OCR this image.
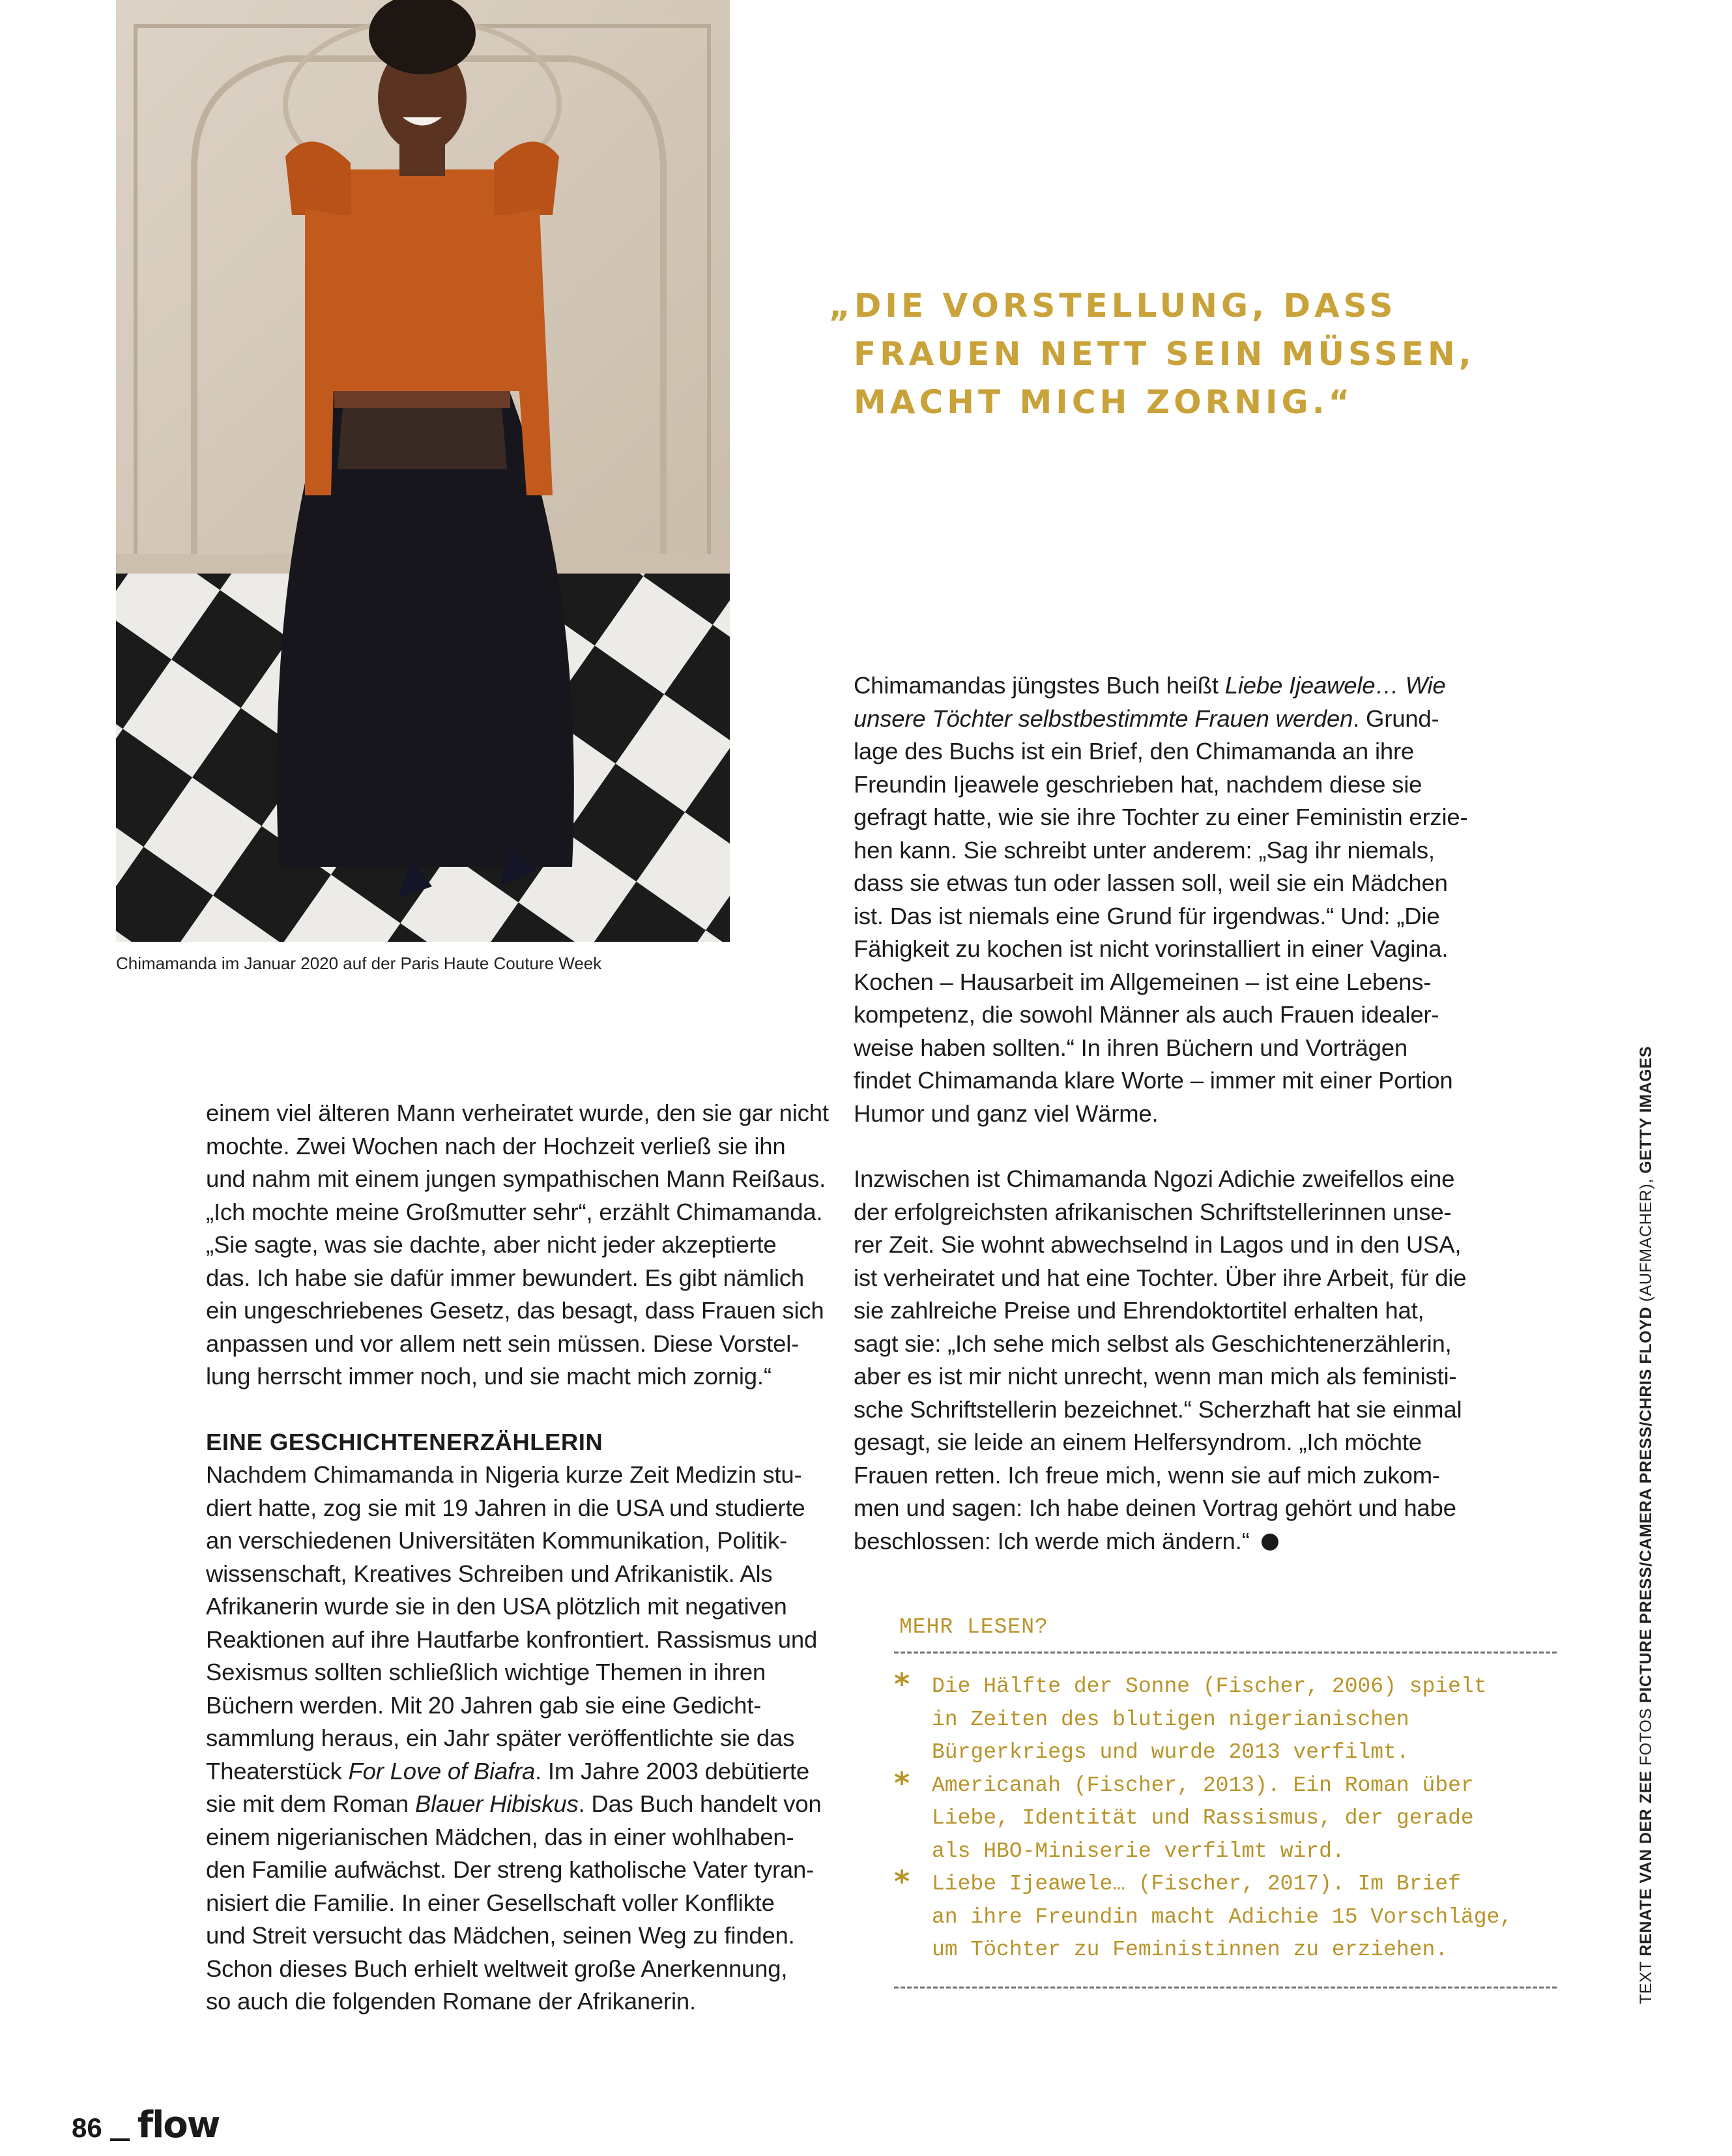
Chimamanda im Januar 2020 auf der Paris Haute Couture Week
„DIE VORSTELLUNG, DASS
FRAUEN NETT SEIN MÜSSEN,
MACHT MICH ZORNIG.“
Chimamandas jüngstes Buch heißt Liebe Ijeawele… Wie
unsere Töchter selbstbestimmte Frauen werden. Grund-
lage des Buchs ist ein Brief, den Chimamanda an ihre
Freundin Ijeawele geschrieben hat, nachdem diese sie
gefragt hatte, wie sie ihre Tochter zu einer Feministin erzie-
hen kann. Sie schreibt unter anderem: „Sag ihr niemals,
dass sie etwas tun oder lassen soll, weil sie ein Mädchen
ist. Das ist niemals eine Grund für irgendwas.“ Und: „Die
Fähigkeit zu kochen ist nicht vorinstalliert in einer Vagina.
Kochen – Hausarbeit im Allgemeinen – ist eine Lebens-
kompetenz, die sowohl Männer als auch Frauen idealer-
weise haben sollten.“ In ihren Büchern und Vorträgen
findet Chimamanda klare Worte – immer mit einer Portion
Humor und ganz viel Wärme.
Inzwischen ist Chimamanda Ngozi Adichie zweifellos eine
der erfolgreichsten afrikanischen Schriftstellerinnen unse-
rer Zeit. Sie wohnt abwechselnd in Lagos und in den USA,
ist verheiratet und hat eine Tochter. Über ihre Arbeit, für die
sie zahlreiche Preise und Ehrendoktortitel erhalten hat,
sagt sie: „Ich sehe mich selbst als Geschichtenerzählerin,
aber es ist mir nicht unrecht, wenn man mich als feministi-
sche Schriftstellerin bezeichnet.“ Scherzhaft hat sie einmal
gesagt, sie leide an einem Helfersyndrom. „Ich möchte
Frauen retten. Ich freue mich, wenn sie auf mich zukom-
men und sagen: Ich habe deinen Vortrag gehört und habe
beschlossen: Ich werde mich ändern.“
einem viel älteren Mann verheiratet wurde, den sie gar nicht
mochte. Zwei Wochen nach der Hochzeit verließ sie ihn
und nahm mit einem jungen sympathischen Mann Reißaus.
„Ich mochte meine Großmutter sehr“, erzählt Chimamanda.
„Sie sagte, was sie dachte, aber nicht jeder akzeptierte
das. Ich habe sie dafür immer bewundert. Es gibt nämlich
ein ungeschriebenes Gesetz, das besagt, dass Frauen sich
anpassen und vor allem nett sein müssen. Diese Vorstel-
lung herrscht immer noch, und sie macht mich zornig.“
EINE GESCHICHTENERZÄHLERIN
Nachdem Chimamanda in Nigeria kurze Zeit Medizin stu-
diert hatte, zog sie mit 19 Jahren in die USA und studierte
an verschiedenen Universitäten Kommunikation, Politik-
wissenschaft, Kreatives Schreiben und Afrikanistik. Als
Afrikanerin wurde sie in den USA plötzlich mit negativen
Reaktionen auf ihre Hautfarbe konfrontiert. Rassismus und
Sexismus sollten schließlich wichtige Themen in ihren
Büchern werden. Mit 20 Jahren gab sie eine Gedicht-
sammlung heraus, ein Jahr später veröffentlichte sie das
Theaterstück For Love of Biafra. Im Jahre 2003 debütierte
sie mit dem Roman Blauer Hibiskus. Das Buch handelt von
einem nigerianischen Mädchen, das in einer wohlhaben-
den Familie aufwächst. Der streng katholische Vater tyran-
nisiert die Familie. In einer Gesellschaft voller Konflikte
und Streit versucht das Mädchen, seinen Weg zu finden.
Schon dieses Buch erhielt weltweit große Anerkennung,
so auch die folgenden Romane der Afrikanerin.
MEHR LESEN?
* Die Hälfte der Sonne (Fischer, 2006) spielt
in Zeiten des blutigen nigerianischen
Bürgerkriegs und wurde 2013 verfilmt.
* Americanah (Fischer, 2013). Ein Roman über
Liebe, Identität und Rassismus, der gerade
als HBO-Miniserie verfilmt wird.
* Liebe Ijeawele… (Fischer, 2017). Im Brief
an ihre Freundin macht Adichie 15 Vorschläge,
um Töchter zu Feministinnen zu erziehen.
TEXT RENATE VAN DER ZEE FOTOS PICTURE PRESS/CAMERA PRESS/CHRIS FLOYD (AUFMACHER), GETTY IMAGES
86 flow
